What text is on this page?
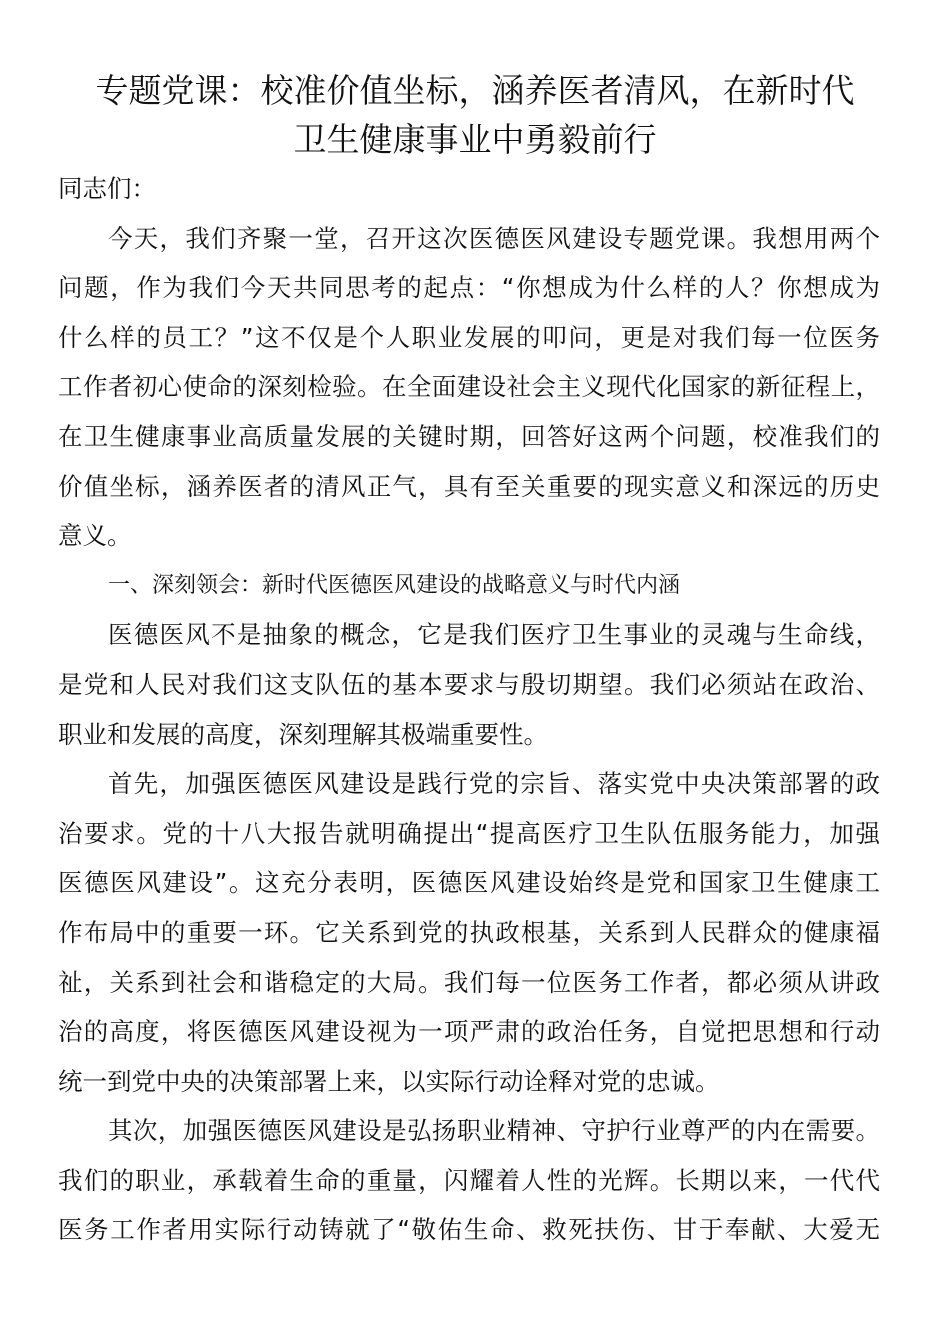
专题党课：校准价值坐标，涵养医者清风，在新时代
卫生健康事业中勇毅前行
同志们：
今天，我们齐聚一堂，召开这次医德医风建设专题党课。我想用两个
问题，作为我们今天共同思考的起点：“你想成为什么样的人？你想成为
什么样的员工？”这不仅是个人职业发展的叩问，更是对我们每一位医务
工作者初心使命的深刻检验。在全面建设社会主义现代化国家的新征程上，
在卫生健康事业高质量发展的关键时期，回答好这两个问题，校准我们的
价值坐标，涵养医者的清风正气，具有至关重要的现实意义和深远的历史
意义。
一、深刻领会：新时代医德医风建设的战略意义与时代内涵
医德医风不是抽象的概念，它是我们医疗卫生事业的灵魂与生命线，
是党和人民对我们这支队伍的基本要求与殷切期望。我们必须站在政治、
职业和发展的高度，深刻理解其极端重要性。
首先，加强医德医风建设是践行党的宗旨、落实党中央决策部署的政
治要求。党的十八大报告就明确提出“提高医疗卫生队伍服务能力，加强
医德医风建设”。这充分表明，医德医风建设始终是党和国家卫生健康工
作布局中的重要一环。它关系到党的执政根基，关系到人民群众的健康福
祉，关系到社会和谐稳定的大局。我们每一位医务工作者，都必须从讲政
治的高度，将医德医风建设视为一项严肃的政治任务，自觉把思想和行动
统一到党中央的决策部署上来，以实际行动诠释对党的忠诚。
其次，加强医德医风建设是弘扬职业精神、守护行业尊严的内在需要。
我们的职业，承载着生命的重量，闪耀着人性的光辉。长期以来，一代代
医务工作者用实际行动铸就了“敬佑生命、救死扶伤、甘于奉献、大爱无
